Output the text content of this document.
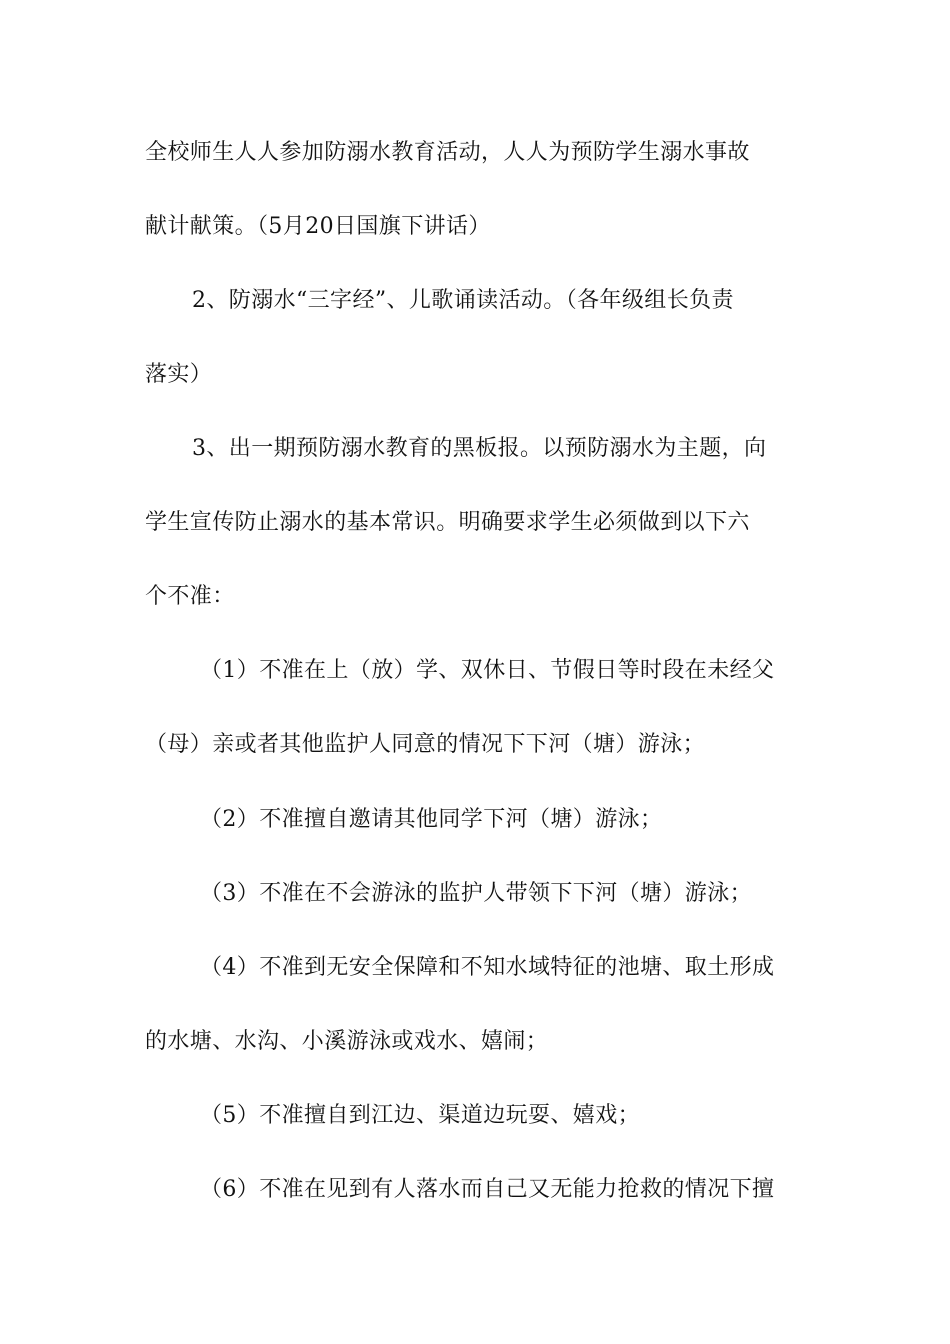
全校师生人人参加防溺水教育活动，人人为预防学生溺水事故
献计献策。（5月20日国旗下讲话）
2、防溺水“三字经”、儿歌诵读活动。（各年级组长负责
落实）
3、出一期预防溺水教育的黑板报。以预防溺水为主题，向
学生宣传防止溺水的基本常识。明确要求学生必须做到以下六
个不准：
（1）不准在上（放）学、双休日、节假日等时段在未经父
（母）亲或者其他监护人同意的情况下下河（塘）游泳；
（2）不准擅自邀请其他同学下河（塘）游泳；
（3）不准在不会游泳的监护人带领下下河（塘）游泳；
（4）不准到无安全保障和不知水域特征的池塘、取土形成
的水塘、水沟、小溪游泳或戏水、嬉闹；
（5）不准擅自到江边、渠道边玩耍、嬉戏；
（6）不准在见到有人落水而自己又无能力抢救的情况下擅
